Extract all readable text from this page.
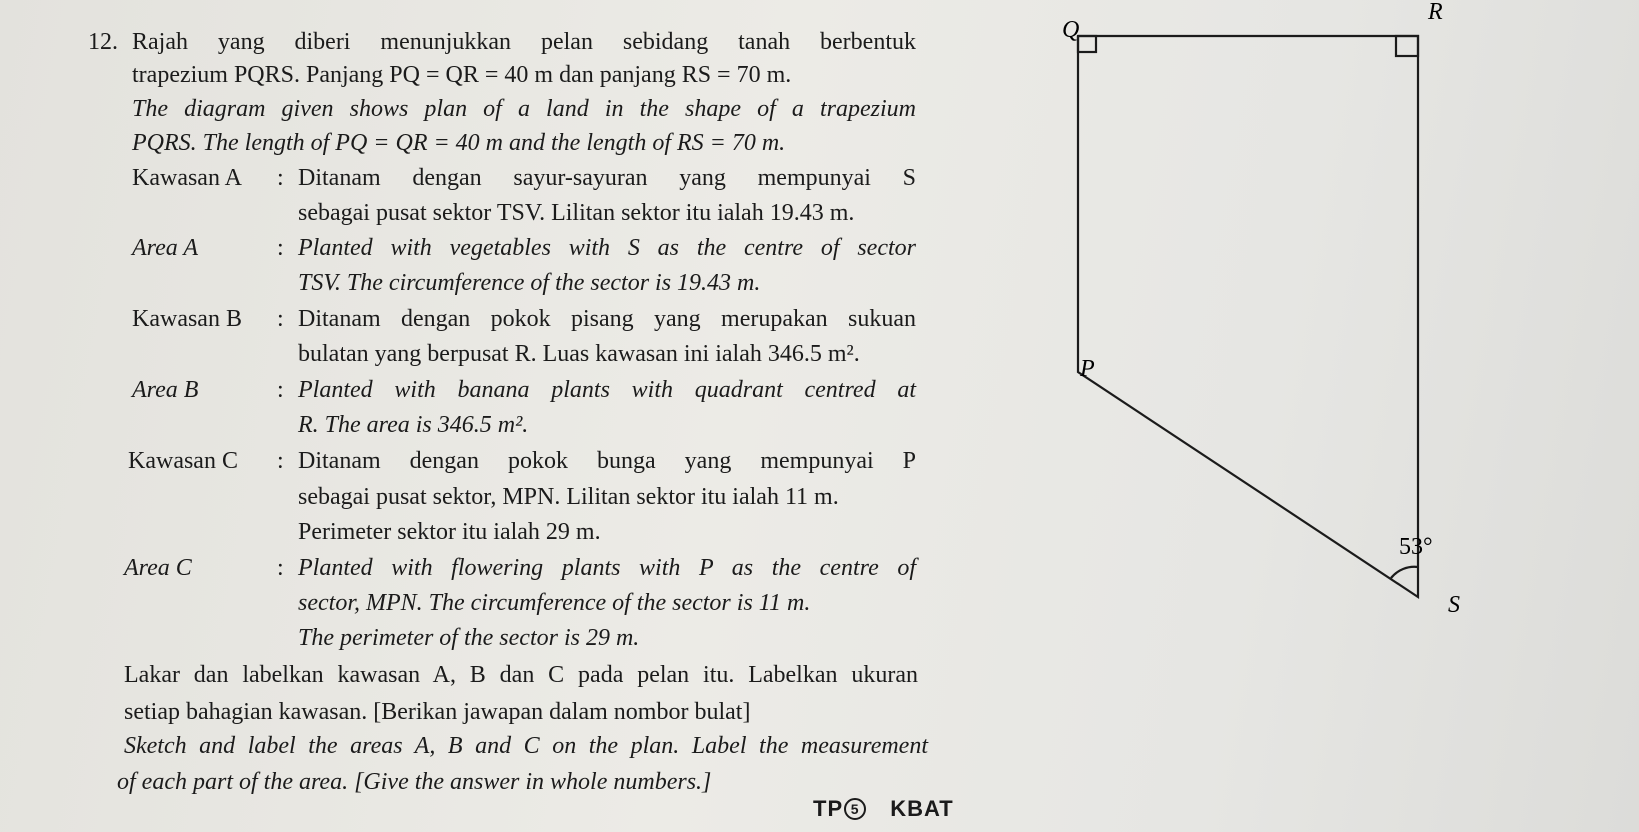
12. Rajah yang diberi menunjukkan pelan sebidang tanah berbentuk
trapezium PQRS. Panjang PQ = QR = 40 m dan panjang RS = 70 m.
The diagram given shows plan of a land in the shape of a trapezium
PQRS. The length of PQ = QR = 40 m and the length of RS = 70 m.
Kawasan A : Ditanam dengan sayur-sayuran yang mempunyai S
sebagai pusat sektor TSV. Lilitan sektor itu ialah 19.43 m.
Area A	: Planted with vegetables with S as the centre of sector
TSV. The circumference of the sector is 19.43 m.
Kawasan B : Ditanam dengan pokok pisang yang merupakan sukuan
bulatan yang berpusat R. Luas kawasan ini ialah 346.5 m².
Area B	: Planted with banana plants with quadrant centred at
R. The area is 346.5 m².
Kawasan C : Ditanam dengan pokok bunga yang mempunyai P
sebagai pusat sektor, MPN. Lilitan sektor itu ialah 11 m.
Perimeter sektor itu ialah 29 m.
Area C	: Planted with flowering plants with P as the centre of
sector, MPN. The circumference of the sector is 11 m.
The perimeter of the sector is 29 m.
Lakar dan labelkan kawasan A, B dan C pada pelan itu. Labelkan ukuran
setiap bahagian kawasan. [Berikan jawapan dalam nombor bulat]
Sketch and label the areas A, B and C on the plan. Label the measurement
of each part of the area. [Give the answer in whole numbers.]
TP 5 KBAT
Q
R
P
S
53°
